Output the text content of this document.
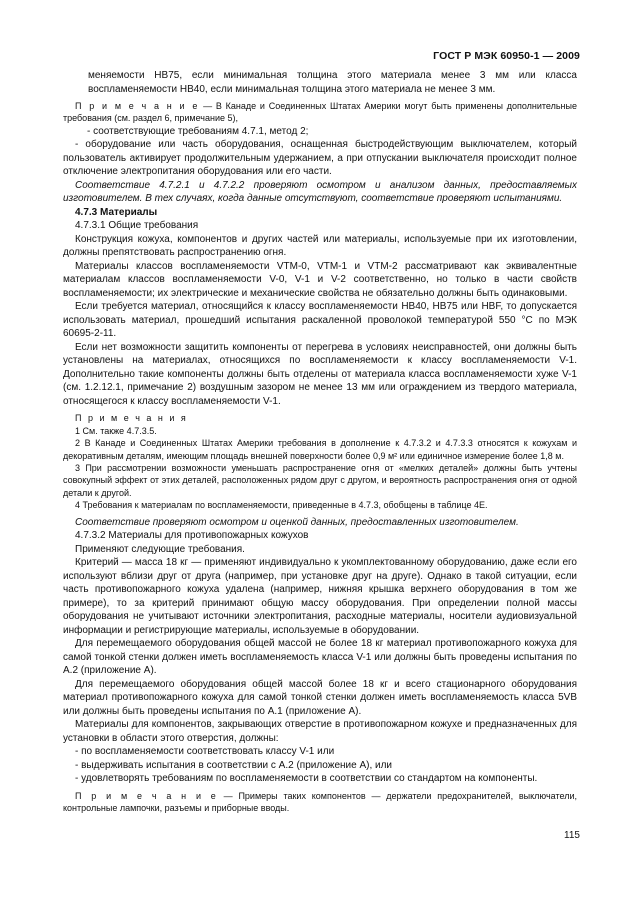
ГОСТ Р МЭК 60950-1 — 2009

меняемости HB75, если минимальная толщина этого материала менее 3 мм или класса воспламеняемости HB40, если минимальная толщина этого материала не менее 3 мм.

П р и м е ч а н и е — В Канаде и Соединенных Штатах Америки могут быть применены дополнительные требования (см. раздел 6, примечание 5),

- соответствующие требованиям 4.7.1, метод 2;

- оборудование или часть оборудования, оснащенная быстродействующим выключателем, который пользователь активирует продолжительным удержанием, а при отпускании выключателя происходит полное отключение электропитания оборудования или его части.

Соответствие 4.7.2.1 и 4.7.2.2 проверяют осмотром и анализом данных, предоставляемых изготовителем. В тех случаях, когда данные отсутствуют, соответствие проверяют испытаниями.

4.7.3 Материалы

4.7.3.1 Общие требования

Конструкция кожуха, компонентов и других частей или материалы, используемые при их изготовлении, должны препятствовать распространению огня.

Материалы классов воспламеняемости VTM-0, VTM-1 и VTM-2 рассматривают как эквивалентные материалам классов воспламеняемости V-0, V-1 и V-2 соответственно, но только в части свойств воспламеняемости; их электрические и механические свойства не обязательно должны быть одинаковыми.

Если требуется материал, относящийся к классу воспламеняемости HB40, HB75 или HBF, то допускается использовать материал, прошедший испытания раскаленной проволокой температурой 550 °С по МЭК 60695-2-11.

Если нет возможности защитить компоненты от перегрева в условиях неисправностей, они должны быть установлены на материалах, относящихся по воспламеняемости к классу воспламеняемости V-1. Дополнительно такие компоненты должны быть отделены от материала класса воспламеняемости хуже V-1 (см. 1.2.12.1, примечание 2) воздушным зазором не менее 13 мм или ограждением из твердого материала, относящегося к классу воспламеняемости V-1.

П р и м е ч а н и я

1 См. также 4.7.3.5.

2 В Канаде и Соединенных Штатах Америки требования в дополнение к 4.7.3.2 и 4.7.3.3 относятся к кожухам и декоративным деталям, имеющим площадь внешней поверхности более 0,9 м² или единичное измерение более 1,8 м.

3 При рассмотрении возможности уменьшать распространение огня от «мелких деталей» должны быть учтены совокупный эффект от этих деталей, расположенных рядом друг с другом, и вероятность распространения огня от одной детали к другой.

4 Требования к материалам по воспламеняемости, приведенные в 4.7.3, обобщены в таблице 4Е.

Соответствие проверяют осмотром и оценкой данных, предоставленных изготовителем.

4.7.3.2 Материалы для противопожарных кожухов

Применяют следующие требования.

Критерий — масса 18 кг — применяют индивидуально к укомплектованному оборудованию, даже если его используют вблизи друг от друга (например, при установке друг на друге). Однако в такой ситуации, если часть противопожарного кожуха удалена (например, нижняя крышка верхнего оборудования в том же примере), то за критерий принимают общую массу оборудования. При определении полной массы оборудования не учитывают источники электропитания, расходные материалы, носители аудиовизуальной информации и регистрирующие материалы, используемые в оборудовании.

Для перемещаемого оборудования общей массой не более 18 кг материал противопожарного кожуха для самой тонкой стенки должен иметь воспламеняемость класса V-1 или должны быть проведены испытания по А.2 (приложение А).

Для перемещаемого оборудования общей массой более 18 кг и всего стационарного оборудования материал противопожарного кожуха для самой тонкой стенки должен иметь воспламеняемость класса 5VB или должны быть проведены испытания по А.1 (приложение А).

Материалы для компонентов, закрывающих отверстие в противопожарном кожухе и предназначенных для установки в области этого отверстия, должны:

- по воспламеняемости соответствовать классу V-1 или

- выдерживать испытания в соответствии с А.2 (приложение А), или

- удовлетворять требованиям по воспламеняемости в соответствии со стандартом на компоненты.

П р и м е ч а н и е — Примеры таких компонентов — держатели предохранителей, выключатели, контрольные лампочки, разъемы и приборные вводы.

115
